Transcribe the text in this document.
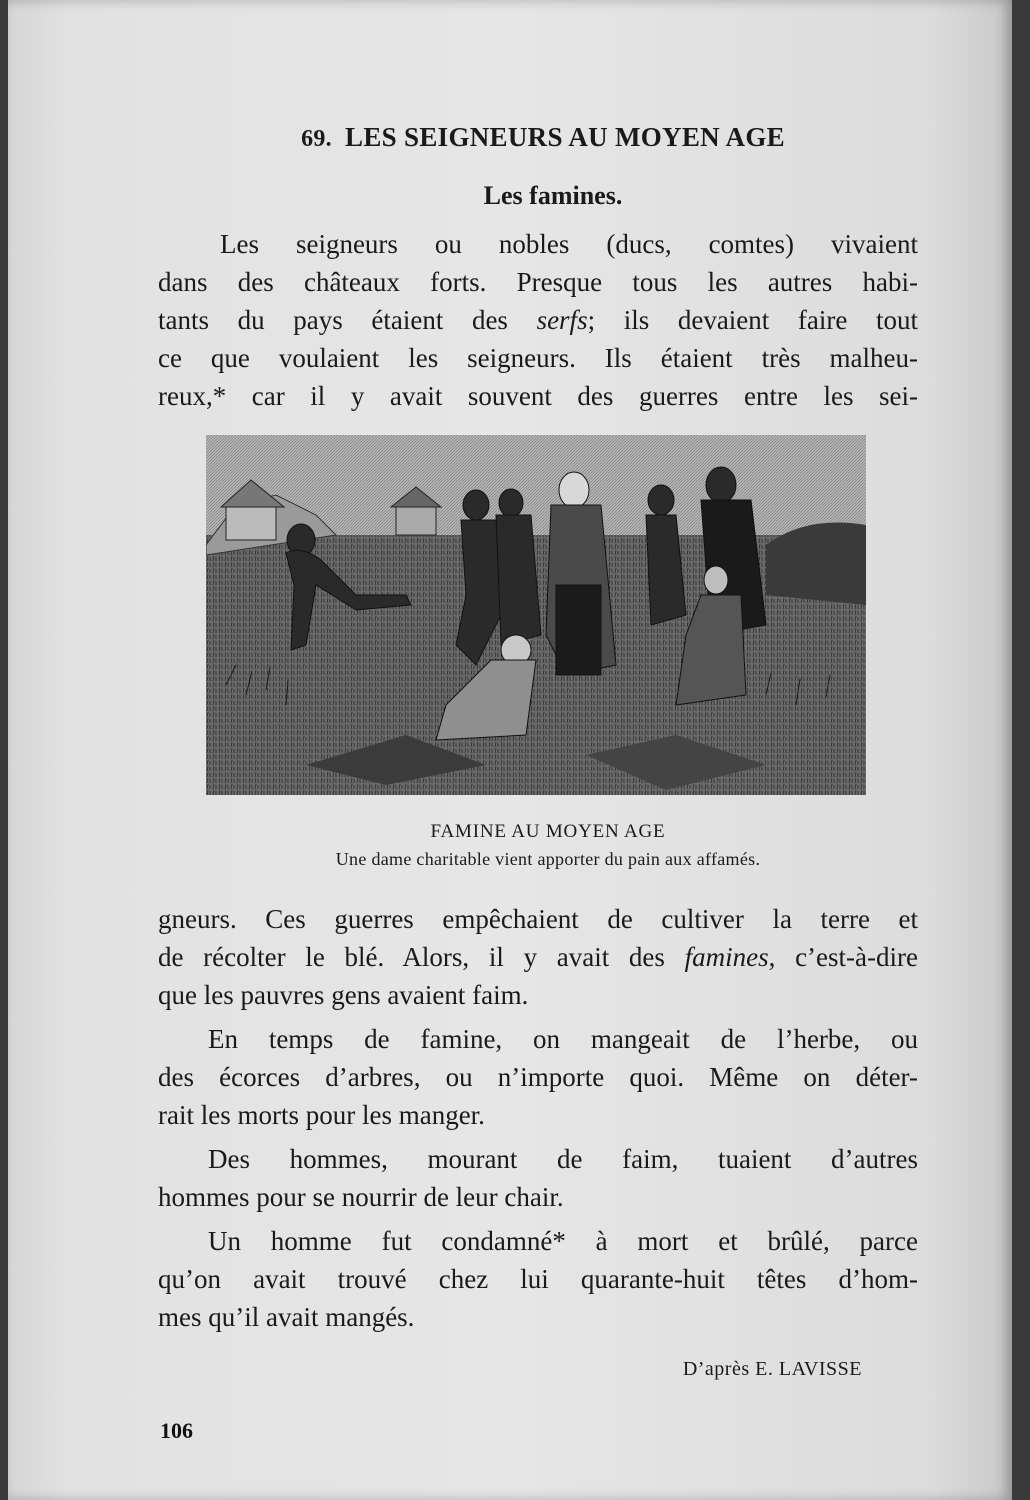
69. LES SEIGNEURS AU MOYEN AGE
Les famines.
Les seigneurs ou nobles (ducs, comtes) vivaient
dans des châteaux forts. Presque tous les autres habi-
tants du pays étaient des serfs; ils devaient faire tout
ce que voulaient les seigneurs. Ils étaient très malheu-
reux,* car il y avait souvent des guerres entre les sei-
FAMINE AU MOYEN AGE
Une dame charitable vient apporter du pain aux affamés.
gneurs. Ces guerres empêchaient de cultiver la terre et
de récolter le blé. Alors, il y avait des famines, c’est-à-dire
que les pauvres gens avaient faim.
En temps de famine, on mangeait de l’herbe, ou
des écorces d’arbres, ou n’importe quoi. Même on déter-
rait les morts pour les manger.
Des hommes, mourant de faim, tuaient d’autres
hommes pour se nourrir de leur chair.
Un homme fut condamné* à mort et brûlé, parce
qu’on avait trouvé chez lui quarante-huit têtes d’hom-
mes qu’il avait mangés.
D’après E. LAVISSE
106
